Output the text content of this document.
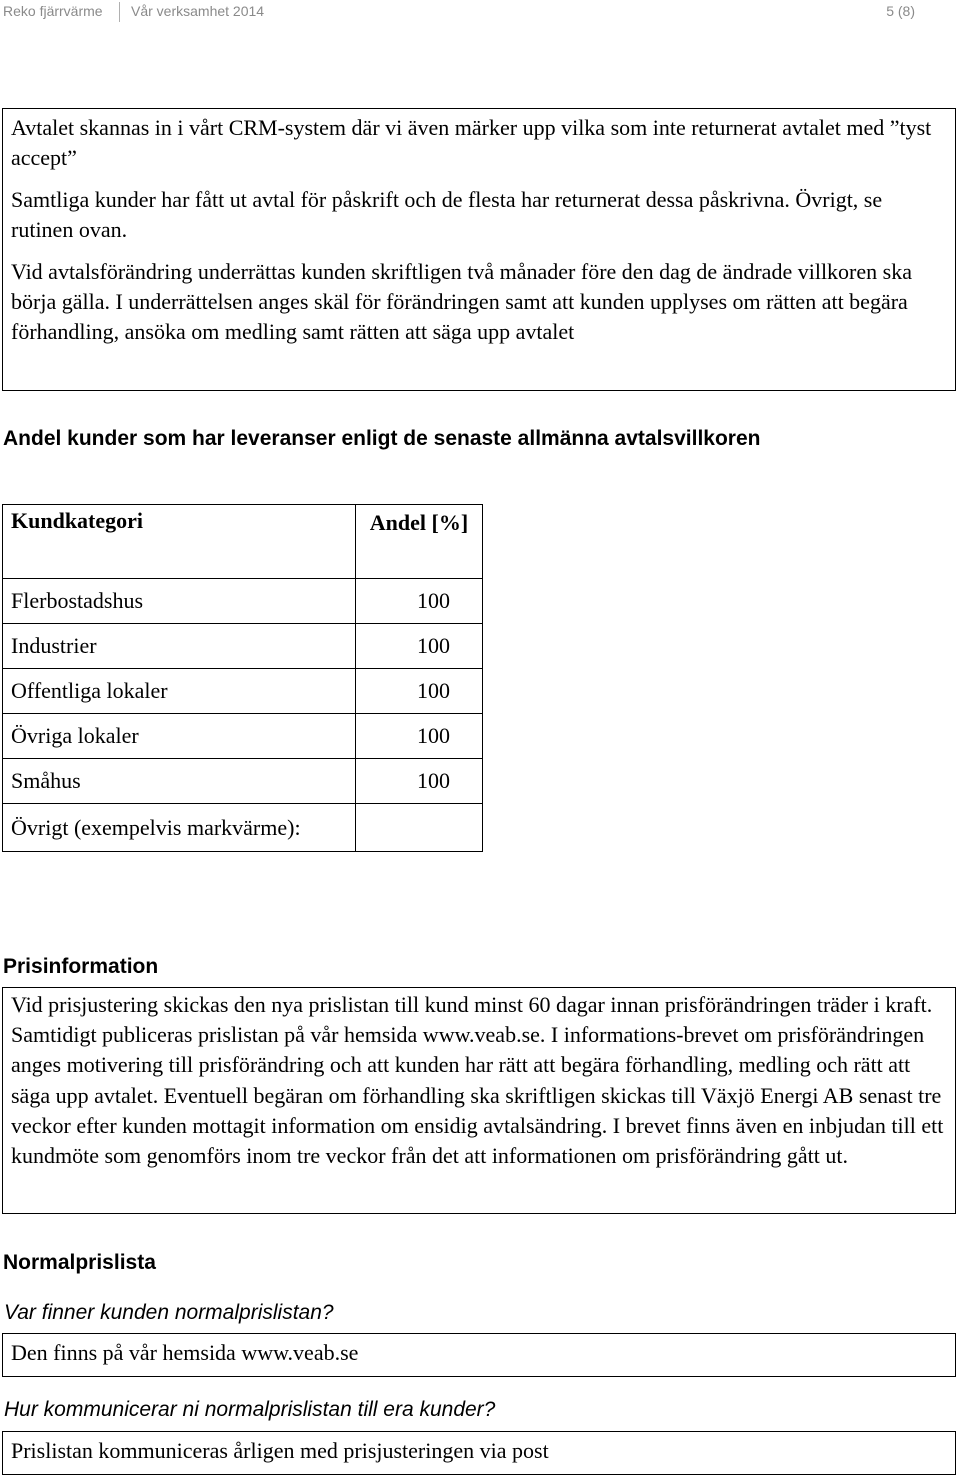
Reko fjärrvärme Vår verksamhet 2014	5 (8)

Avtalet skannas in i vårt CRM-system där vi även märker upp vilka som inte returnerat avtalet med ”tyst accept”

Samtliga kunder har fått ut avtal för påskrift och de flesta har returnerat dessa påskrivna. Övrigt, se rutinen ovan.

Vid avtalsförändring underrättas kunden skriftligen två månader före den dag de ändrade villkoren ska börja gälla. I underrättelsen anges skäl för förändringen samt att kunden upplyses om rätten att begära förhandling, ansöka om medling samt rätten att säga upp avtalet

Andel kunder som har leveranser enligt de senaste allmänna avtalsvillkoren
Kundkategori	Andel [%]
Flerbostadshus	100
Industrier	100
Offentliga lokaler	100
Övriga lokaler	100
Småhus	100
Övrigt (exempelvis markvärme):	
Prisinformation

Vid prisjustering skickas den nya prislistan till kund minst 60 dagar innan prisförändringen träder i kraft. Samtidigt publiceras prislistan på vår hemsida www.veab.se. I informations-brevet om prisförändringen anges motivering till prisförändring och att kunden har rätt att begära förhandling, medling och rätt att säga upp avtalet. Eventuell begäran om förhandling ska skriftligen skickas till Växjö Energi AB senast tre veckor efter kunden mottagit information om ensidig avtalsändring. I brevet finns även en inbjudan till ett kundmöte som genomförs inom tre veckor från det att informationen om prisförändring gått ut.

Normalprislista
Var finner kunden normalprislistan?

Den finns på vår hemsida www.veab.se

Hur kommunicerar ni normalprislistan till era kunder?

Prislistan kommuniceras årligen med prisjusteringen via post
